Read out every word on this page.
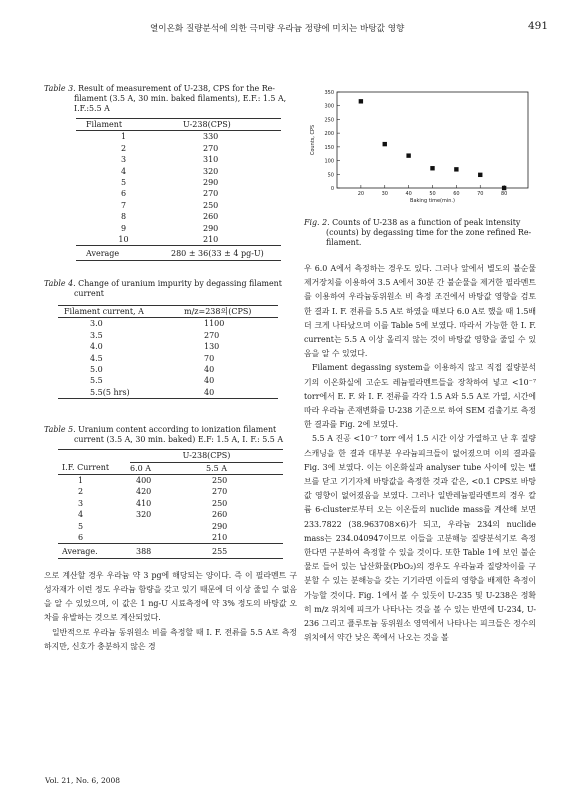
열이온화 질량분석에 의한 극미량 우라늄 정량에 미치는 바탕값 영향	491

Table 3. Result of measurement of U-238, CPS for the Re-filament (3.5 A, 30 min. baked filaments), E.F.: 1.5 A, I.F.:5.5 A

Filament	U-238(CPS)
1	330
2	270
3	310
4	320
5	290
6	270
7	250
8	260
9	290
10	210
Average	280 ± 36(33 ± 4 pg-U)

Table 4. Change of uranium impurity by degassing filament current

Filament current, A	m/z=238의(CPS)

3.0	1100
3.5	270
4.0	130
4.5	70
5.0	40
5.5	40
5.5(5 hrs)	40

Table 5. Uranium content according to ionization filament current (3.5 A, 30 min. baked) E.F: 1.5 A, I. F.: 5.5 A

	U-238(CPS)	
I.F. Current	6.0 A	5.5 A

1	400	250
2	420	270
3	410	250
4	320	260
5		290
6		210
Average.	388	255

으로 계산할 경우 우라늄 약 3 pg에 해당되는 양이다. 즉 이 필라멘트 구성자재가 이런 정도 우라늄 함량을 갖고 있기 때문에 더 이상 줄일 수 없음을 알 수 있었으며, 이 값은 1 ng-U 시료측정에 약 3% 정도의 바탕값 오차를 유발하는 것으로 계산되었다.

일반적으로 우라늄 동위원소 비를 측정할 때 I. F. 전류를 5.5 A로 측정하지만, 신호가 충분하지 않은 경

0
50
100
150
200
250
300
350
20	30	40	50	60	70	80
Baking time(min.)
Counts, CPS

Fig. 2. Counts of U-238 as a function of peak intensity (counts) by degassing time for the zone refined Re-filament.

우 6.0 A에서 측정하는 경우도 있다. 그러나 앞에서 별도의 불순물 제거장치를 이용하여 3.5 A에서 30분 간 불순물을 제거한 필라멘트를 이용하여 우라늄동위원소 비 측정 조건에서 바탕값 영향을 검토한 결과 I. F. 전류를 5.5 A로 하였을 때보다 6.0 A로 했을 때 1.5배 더 크게 나타났으며 이를 Table 5에 보였다. 따라서 가능한 한 I. F. current는 5.5 A 이상 올리지 않는 것이 바탕값 영향을 줄일 수 있음을 알 수 있었다.

Filament degassing system을 이용하지 않고 직접 질량분석기의 이온화실에 고순도 레늄필라멘트들을 장착하여 넣고 <10⁻⁷ torr에서 E. F. 와 I. F. 전류를 각각 1.5 A와 5.5 A로 가열, 시간에 따라 우라늄 존재변화를 U-238 기준으로 하여 SEM 검출기로 측정한 결과를 Fig. 2에 보였다.

5.5 A 진공 <10⁻⁷ torr 에서 1.5 시간 이상 가열하고 난 후 질량스캐닝을 한 결과 대부분 우라늄피크들이 없어졌으며 이의 결과를 Fig. 3에 보였다. 이는 이온화실과 analyser tube 사이에 있는 밸브를 닫고 기기자체 바탕값을 측정한 것과 같은, <0.1 CPS로 바탕값 영향이 없어졌음을 보였다. 그러나 일반레늄필라멘트의 경우 칼륨 6-cluster로부터 오는 이온들의 nuclide mass를 계산해 보면 233.7822 (38.963708×6)가 되고, 우라늄 234의 nuclide mass는 234.040947이므로 이들을 고분해능 질량분석기로 측정한다면 구분하여 측정할 수 있을 것이다. 또한 Table 1에 보인 불순물로 들어 있는 납산화물(PbO₂)의 경우도 우라늄과 질량차이를 구분할 수 있는 분해능을 갖는 기기라면 이들의 영향을 배제한 측정이 가능할 것이다. Fig. 1에서 볼 수 있듯이 U-235 및 U-238은 정확히 m/z 위치에 피크가 나타나는 것을 볼 수 있는 반면에 U-234, U-236 그리고 플루토늄 동위원소 영역에서 나타나는 피크들은 정수의 위치에서 약간 낮은 쪽에서 나오는 것을 볼

Vol. 21, No. 6, 2008
